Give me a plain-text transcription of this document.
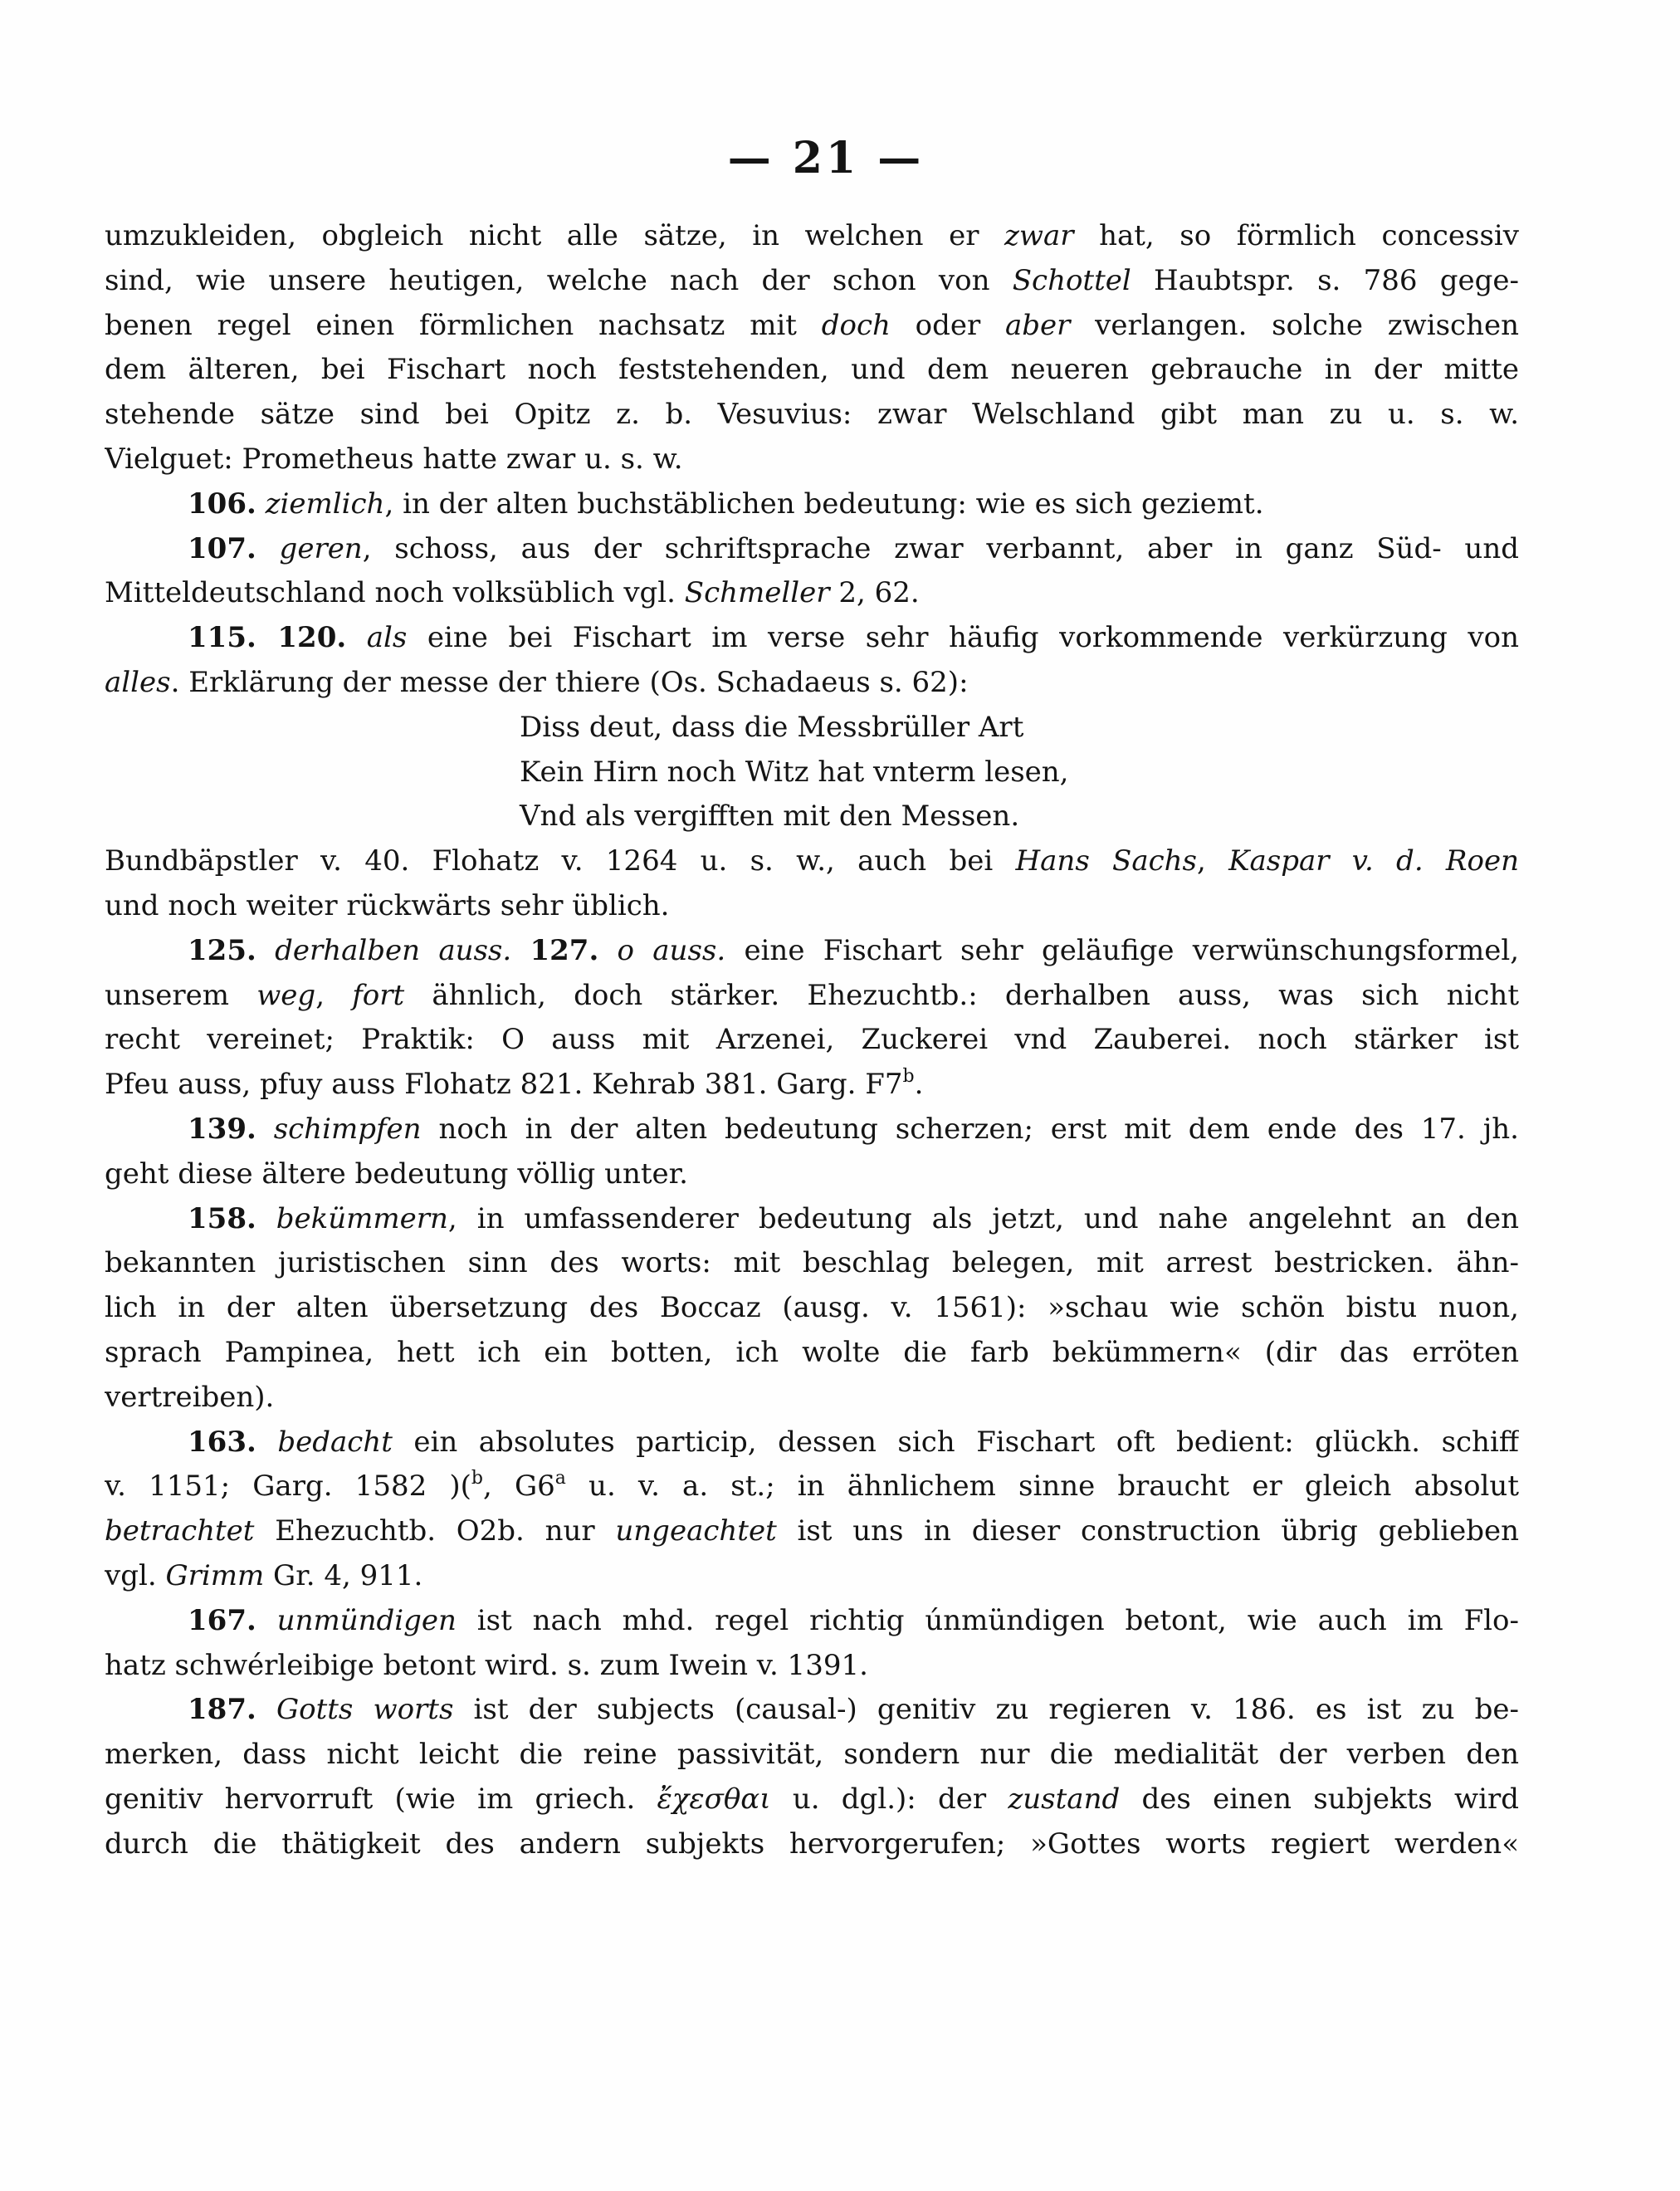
— 21 —
umzukleiden, obgleich nicht alle sätze, in welchen er zwar hat, so förmlich concessiv
sind, wie unsere heutigen, welche nach der schon von Schottel Haubtspr. s. 786 gege-
benen regel einen förmlichen nachsatz mit doch oder aber verlangen. solche zwischen
dem älteren, bei Fischart noch feststehenden, und dem neueren gebrauche in der mitte
stehende sätze sind bei Opitz z. b. Vesuvius: zwar Welschland gibt man zu u. s. w.
Vielguet: Prometheus hatte zwar u. s. w.
106. ziemlich, in der alten buchstäblichen bedeutung: wie es sich geziemt.
107. geren, schoss, aus der schriftsprache zwar verbannt, aber in ganz Süd- und
Mitteldeutschland noch volksüblich vgl. Schmeller 2, 62.
115. 120. als eine bei Fischart im verse sehr häufig vorkommende verkürzung von
alles. Erklärung der messe der thiere (Os. Schadaeus s. 62):
Diss deut, dass die Messbrüller Art
Kein Hirn noch Witz hat vnterm lesen,
Vnd als vergifften mit den Messen.
Bundbäpstler v. 40. Flohatz v. 1264 u. s. w., auch bei Hans Sachs, Kaspar v. d. Roen
und noch weiter rückwärts sehr üblich.
125. derhalben auss. 127. o auss. eine Fischart sehr geläufige verwünschungsformel,
unserem weg, fort ähnlich, doch stärker. Ehezuchtb.: derhalben auss, was sich nicht
recht vereinet; Praktik: O auss mit Arzenei, Zuckerei vnd Zauberei. noch stärker ist
Pfeu auss, pfuy auss Flohatz 821. Kehrab 381. Garg. F7$^b$.
139. schimpfen noch in der alten bedeutung scherzen; erst mit dem ende des 17. jh.
geht diese ältere bedeutung völlig unter.
158. bekümmern, in umfassenderer bedeutung als jetzt, und nahe angelehnt an den
bekannten juristischen sinn des worts: mit beschlag belegen, mit arrest bestricken. ähn-
lich in der alten übersetzung des Boccaz (ausg. v. 1561): »schau wie schön bistu nuon,
sprach Pampinea, hett ich ein botten, ich wolte die farb bekümmern« (dir das erröten
vertreiben).
163. bedacht ein absolutes particip, dessen sich Fischart oft bedient: glückh. schiff
v. 1151; Garg. 1582 )($^b$, G6$^a$ u. v. a. st.; in ähnlichem sinne braucht er gleich absolut
betrachtet Ehezuchtb. O2b. nur ungeachtet ist uns in dieser construction übrig geblieben
vgl. Grimm Gr. 4, 911.
167. unmündigen ist nach mhd. regel richtig únmündigen betont, wie auch im Flo-
hatz schwérleibige betont wird. s. zum Iwein v. 1391.
187. Gotts worts ist der subjects (causal-) genitiv zu regieren v. 186. es ist zu be-
merken, dass nicht leicht die reine passivität, sondern nur die medialität der verben den
genitiv hervorruft (wie im griech. ἔχεσθαι u. dgl.): der zustand des einen subjekts wird
durch die thätigkeit des andern subjekts hervorgerufen; »Gottes worts regiert werden«
